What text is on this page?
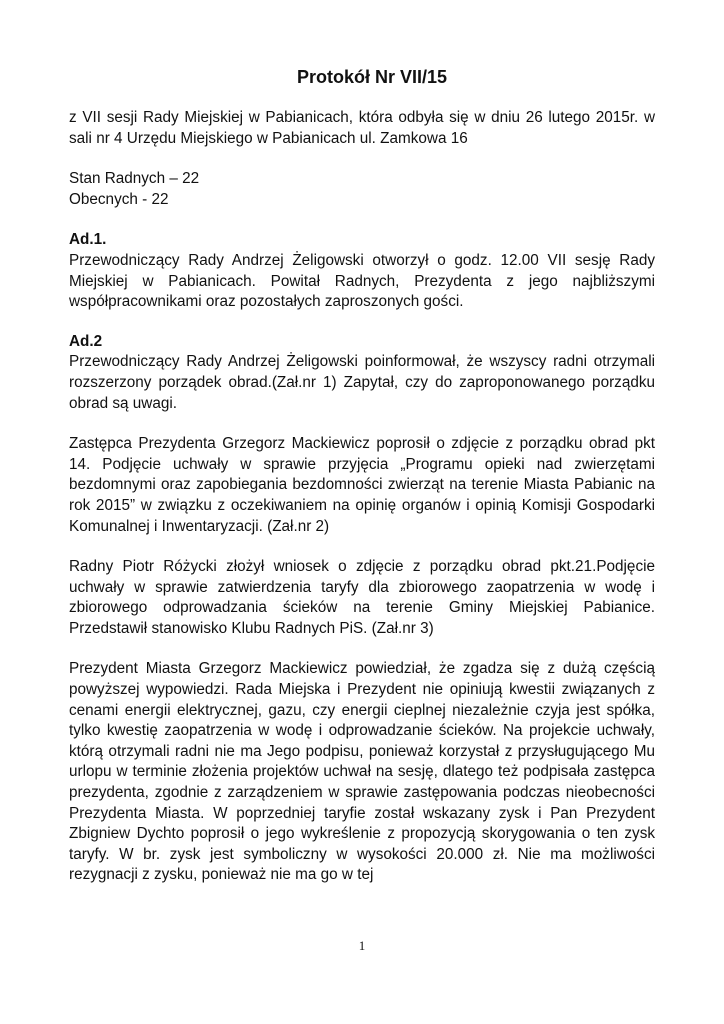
Protokół Nr VII/15

z VII sesji Rady Miejskiej w Pabianicach, która odbyła się w dniu 26 lutego 2015r. w sali nr 4 Urzędu Miejskiego w Pabianicach ul. Zamkowa 16

Stan Radnych – 22

Obecnych - 22

Ad.1.

Przewodniczący Rady Andrzej Żeligowski otworzył o godz. 12.00 VII sesję Rady Miejskiej w Pabianicach. Powitał Radnych, Prezydenta z jego najbliższymi współpracownikami oraz pozostałych zaproszonych gości.

Ad.2

Przewodniczący Rady Andrzej Żeligowski poinformował, że wszyscy radni otrzymali rozszerzony porządek obrad.(Zał.nr 1) Zapytał, czy do zaproponowanego porządku obrad są uwagi.

Zastępca Prezydenta Grzegorz Mackiewicz poprosił o zdjęcie z porządku obrad pkt 14. Podjęcie uchwały w sprawie przyjęcia „Programu opieki nad zwierzętami bezdomnymi oraz zapobiegania bezdomności zwierząt na terenie Miasta Pabianic na rok 2015” w związku z oczekiwaniem na opinię organów i opinią Komisji Gospodarki Komunalnej i Inwentaryzacji. (Zał.nr 2)

Radny Piotr Różycki złożył wniosek o zdjęcie z porządku obrad pkt.21.Podjęcie uchwały w sprawie zatwierdzenia taryfy dla zbiorowego zaopatrzenia w wodę i zbiorowego odprowadzania ścieków na terenie Gminy Miejskiej Pabianice. Przedstawił stanowisko Klubu Radnych PiS. (Zał.nr 3)

Prezydent Miasta Grzegorz Mackiewicz powiedział, że zgadza się z dużą częścią powyższej wypowiedzi. Rada Miejska i Prezydent nie opiniują kwestii związanych z cenami energii elektrycznej, gazu, czy energii cieplnej niezależnie czyja jest spółka, tylko kwestię zaopatrzenia w wodę i odprowadzanie ścieków. Na projekcie uchwały, którą otrzymali radni nie ma Jego podpisu, ponieważ korzystał z przysługującego Mu urlopu w terminie złożenia projektów uchwał na sesję, dlatego też podpisała zastępca prezydenta, zgodnie z zarządzeniem w sprawie zastępowania podczas nieobecności Prezydenta Miasta. W poprzedniej taryfie został wskazany zysk i Pan Prezydent Zbigniew Dychto poprosił o jego wykreślenie z propozycją skorygowania o ten zysk taryfy. W br. zysk jest symboliczny w wysokości 20.000 zł. Nie ma możliwości rezygnacji z zysku, ponieważ nie ma go w tej

1
